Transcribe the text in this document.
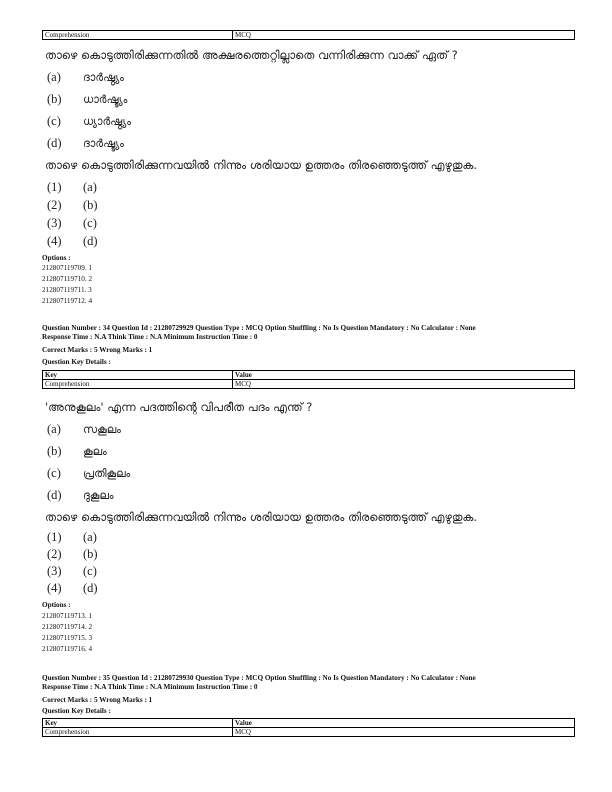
Comprehension	MCQ
താഴെ കൊടുത്തിരിക്കുന്നതിൽ അക്ഷരത്തെറ്റില്ലാതെ വന്നിരിക്കുന്ന വാക്ക് ഏത് ?
(a) ദാർഷ്ഠ്യം
(b) ധാർഷ്ട്യം
(c) ധ്യാർഷ്ഠ്യം
(d) ദാർഷ്ട്യം
താഴെ കൊടുത്തിരിക്കുന്നവയിൽ നിന്നും ശരിയായ ഉത്തരം തിരഞ്ഞെടുത്ത് എഴുതുക.
(1) (a)
(2) (b)
(3) (c)
(4) (d)
Options :
212807119709. 1
212807119710. 2
212807119711. 3
212807119712. 4
Question Number : 34 Question Id : 21280729929 Question Type : MCQ Option Shuffling : No Is Question Mandatory : No Calculator : None
Response Time : N.A Think Time : N.A Minimum Instruction Time : 0
Correct Marks : 5 Wrong Marks : 1
Question Key Details :
Key	Value
Comprehension	MCQ
'അനുകൂലം' എന്ന പദത്തിന്റെ വിപരീത പദം എന്ത് ?
(a) സകൂലം
(b) കൂലം
(c) പ്രതികൂലം
(d) ദുകൂലം
താഴെ കൊടുത്തിരിക്കുന്നവയിൽ നിന്നും ശരിയായ ഉത്തരം തിരഞ്ഞെടുത്ത് എഴുതുക.
(1) (a)
(2) (b)
(3) (c)
(4) (d)
Options :
212807119713. 1
212807119714. 2
212807119715. 3
212807119716. 4
Question Number : 35 Question Id : 21280729930 Question Type : MCQ Option Shuffling : No Is Question Mandatory : No Calculator : None
Response Time : N.A Think Time : N.A Minimum Instruction Time : 0
Correct Marks : 5 Wrong Marks : 1
Question Key Details :
Key	Value
Comprehension	MCQ
